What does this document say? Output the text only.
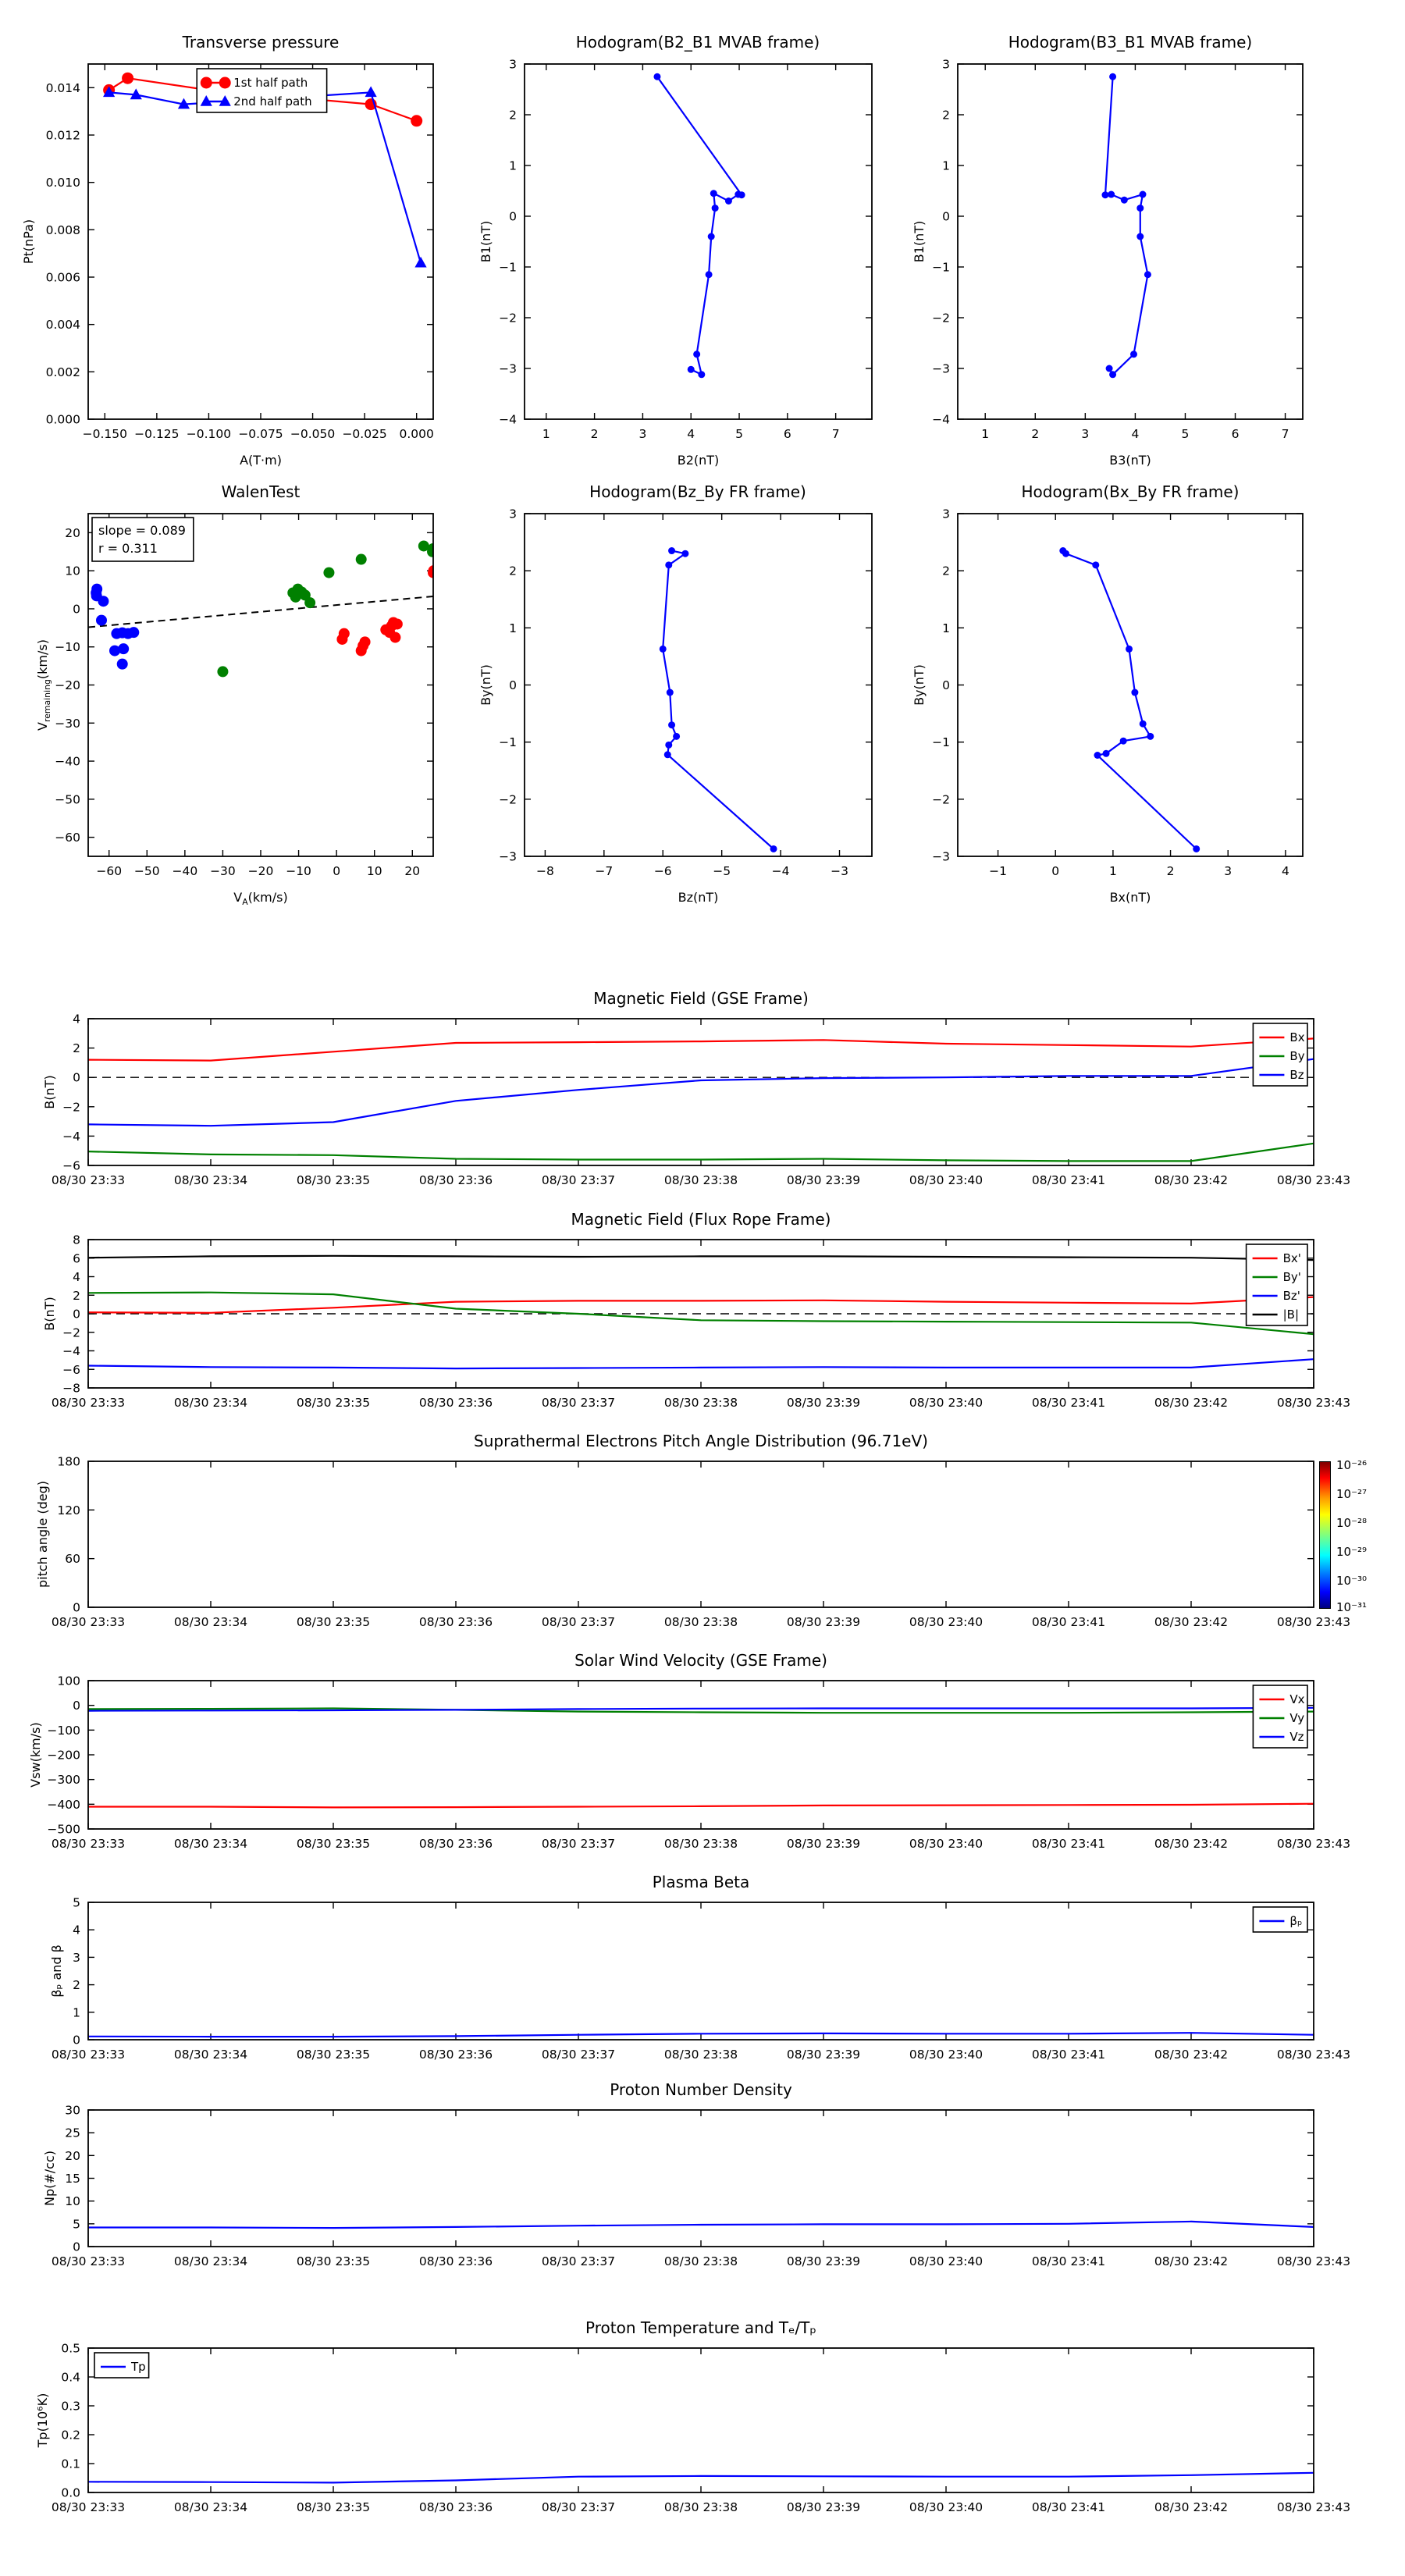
Transverse pressure	Hodogram(B2_B1 MVAB frame)	Hodogram(B3_B1 MVAB frame)
WalenTest	Hodogram(Bz_By FR frame)	Hodogram(Bx_By FR frame)
Magnetic Field (GSE Frame)
Magnetic Field (Flux Rope Frame)
Suprathermal Electrons Pitch Angle Distribution (96.71eV)
Solar Wind Velocity (GSE Frame)
Plasma Beta
Proton Number Density
Proton Temperature and Tₑ/Tₚ
−0.150 −0.125 −0.100 −0.075 −0.050 −0.025 0.000
0.000
0.002
0.004
0.006
0.008
0.010
0.012
0.014
A(T·m)
Pt(nPa)
1st half path
2nd half path
1	2	3	4	5	6	7
−4
−3
−2
−1
0
1
2
3
B2(nT)
B1(nT)
1	2	3	4	5	6	7
−4
−3
−2
−1
0
1
2
3
B3(nT)
B1(nT)
−60 −50 −40 −30 −20 −10 0 10 20
20
10
0
−10
−20
−30
−40
−50
−60
$V_A(km/s)$
$V_{remaining}(km/s)$
slope = 0.089
r = 0.311
−8	−7	−6	−5	−4	−3
−3
−2
−1
0
1
2
3
Bz(nT)
By(nT)
−1	0	1	2	3	4
−3
−2
−1
0
1
2
3
Bx(nT)
By(nT)
08/30 23:33	08/30 23:34	08/30 23:35	08/30 23:36	08/30 23:37	08/30 23:38	08/30 23:39	08/30 23:40	08/30 23:41	08/30 23:42	08/30 23:43
4
2
0
−2
−4
−6
B(nT)
Bx
By
Bz
08/30 23:33	08/30 23:34	08/30 23:35	08/30 23:36	08/30 23:37	08/30 23:38	08/30 23:39	08/30 23:40	08/30 23:41	08/30 23:42	08/30 23:43
8
6
4
2
0
−2
−4
−6
−8
B(nT)
Bx'
By'
Bz'
|B|
08/30 23:33	08/30 23:34	08/30 23:35	08/30 23:36	08/30 23:37	08/30 23:38	08/30 23:39	08/30 23:40	08/30 23:41	08/30 23:42	08/30 23:43
0
60
120
180
pitch angle (deg)
08/30 23:33	08/30 23:34	08/30 23:35	08/30 23:36	08/30 23:37	08/30 23:38	08/30 23:39	08/30 23:40	08/30 23:41	08/30 23:42	08/30 23:43
100
0
−100
−200
−300
−400
−500
Vsw(km/s)
Vx
Vy
Vz
08/30 23:33	08/30 23:34	08/30 23:35	08/30 23:36	08/30 23:37	08/30 23:38	08/30 23:39	08/30 23:40	08/30 23:41	08/30 23:42	08/30 23:43
0
1
2
3
4
5
βₚ and β
βₚ
08/30 23:33	08/30 23:34	08/30 23:35	08/30 23:36	08/30 23:37	08/30 23:38	08/30 23:39	08/30 23:40	08/30 23:41	08/30 23:42	08/30 23:43
0
5
10
15
20
25
30
Np(#/cc)
08/30 23:33	08/30 23:34	08/30 23:35	08/30 23:36	08/30 23:37	08/30 23:38	08/30 23:39	08/30 23:40	08/30 23:41	08/30 23:42	08/30 23:43
0.0
0.1
0.2
0.3
0.4
0.5
Tp(10⁶K)
Tp
10⁻²⁶
10⁻²⁷
10⁻²⁸
10⁻²⁹
10⁻³⁰
10⁻³¹
